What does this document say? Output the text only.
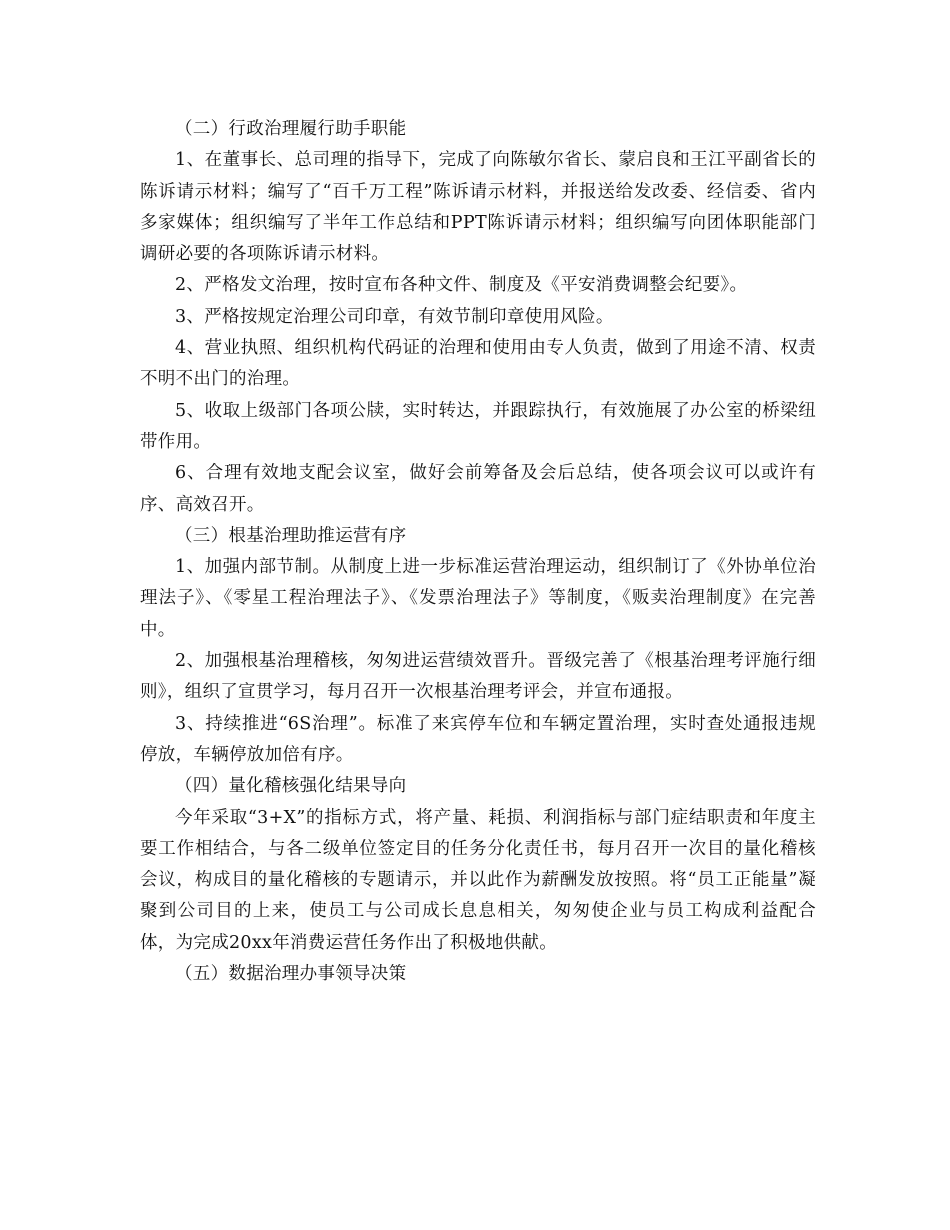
（二）行政治理履行助手职能

1、在董事长、总司理的指导下，完成了向陈敏尔省长、蒙启良和王江平副省长的陈诉请示材料；编写了“百千万工程”陈诉请示材料，并报送给发改委、经信委、省内多家媒体；组织编写了半年工作总结和PPT陈诉请示材料；组织编写向团体职能部门调研必要的各项陈诉请示材料。

2、严格发文治理，按时宣布各种文件、制度及《平安消费调整会纪要》。

3、严格按规定治理公司印章，有效节制印章使用风险。

4、营业执照、组织机构代码证的治理和使用由专人负责，做到了用途不清、权责不明不出门的治理。

5、收取上级部门各项公牍，实时转达，并跟踪执行，有效施展了办公室的桥梁纽带作用。

6、合理有效地支配会议室，做好会前筹备及会后总结，使各项会议可以或许有序、高效召开。

（三）根基治理助推运营有序

1、加强内部节制。从制度上进一步标准运营治理运动，组织制订了《外协单位治理法子》、《零星工程治理法子》、《发票治理法子》等制度，《贩卖治理制度》在完善中。

2、加强根基治理稽核，匆匆进运营绩效晋升。晋级完善了《根基治理考评施行细则》，组织了宣贯学习，每月召开一次根基治理考评会，并宣布通报。

3、持续推进“6S治理”。标准了来宾停车位和车辆定置治理，实时查处通报违规停放，车辆停放加倍有序。

（四）量化稽核强化结果导向

今年采取“3+X”的指标方式，将产量、耗损、利润指标与部门症结职责和年度主要工作相结合，与各二级单位签定目的任务分化责任书，每月召开一次目的量化稽核会议，构成目的量化稽核的专题请示，并以此作为薪酬发放按照。将“员工正能量”凝聚到公司目的上来，使员工与公司成长息息相关，匆匆使企业与员工构成利益配合体，为完成20xx年消费运营任务作出了积极地供献。

（五）数据治理办事领导决策
